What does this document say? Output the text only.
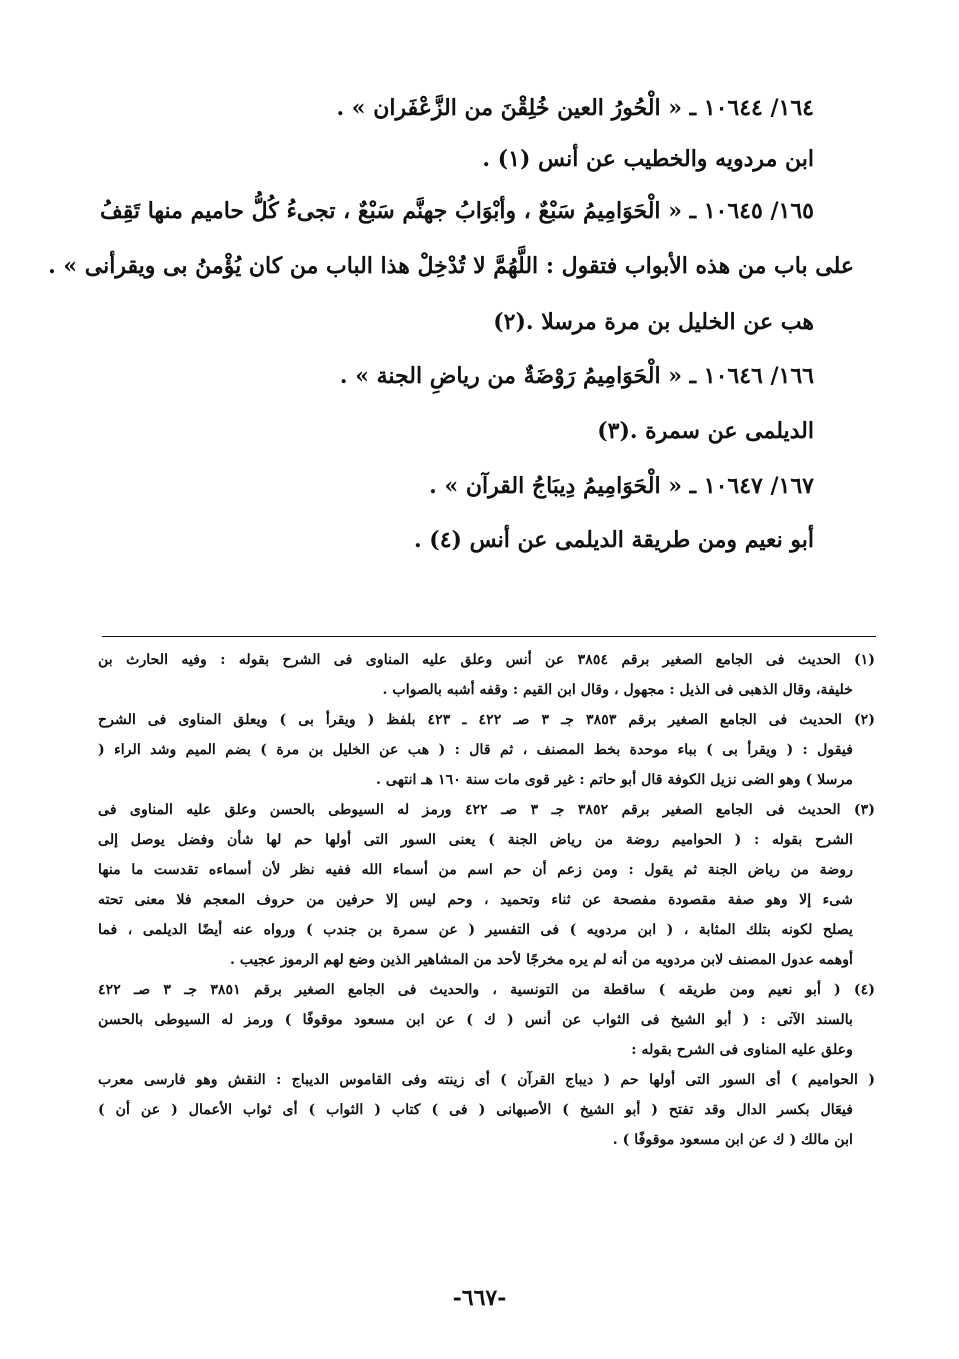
١٦٤/ ١٠٦٤٤ ـ « الْحُورُ العين خُلِقْنَ من الزَّعْفَران » .
ابن مردويه والخطيب عن أنس (١) .
١٦٥/ ١٠٦٤٥ ـ « الْحَوَامِيمُ سَبْعٌ ، وأبْوَابُ جهنَّم سَبْعٌ ، تجىءُ كُلُّ حاميم منها تَقِفُ
على باب من هذه الأبواب فتقول : اللَّهُمَّ لا تُدْخِلْ هذا الباب من كان يُؤْمنُ بى ويقرأنى » .
هب عن الخليل بن مرة مرسلا .(٢)
١٦٦/ ١٠٦٤٦ ـ « الْحَوَامِيمُ رَوْضَةٌ من رياضِ الجنة » .
الديلمى عن سمرة .(٣)
١٦٧/ ١٠٦٤٧ ـ « الْحَوَامِيمُ دِيبَاجُ القرآن » .
أبو نعيم ومن طريقة الديلمى عن أنس (٤) .
(١) الحديث فى الجامع الصغير برقم ٣٨٥٤ عن أنس وعلق عليه المناوى فى الشرح بقوله : وفيه الحارث بن
خليفة، وقال الذهبى فى الذيل : مجهول ، وقال ابن القيم : وقفه أشبه بالصواب .
(٢) الحديث فى الجامع الصغير برقم ٣٨٥٣ جـ ٣ صـ ٤٢٢ ـ ٤٢٣ بلفظ ( ويقرأ بى ) ويعلق المناوى فى الشرح
فيقول : ( ويقرأ بى ) بباء موحدة بخط المصنف ، ثم قال : ( هب عن الخليل بن مرة ) بضم الميم وشد الراء (
مرسلا ) وهو الضى نزيل الكوفة قال أبو حاتم : غير قوى مات سنة ١٦٠ هـ انتهى .
(٣) الحديث فى الجامع الصغير برقم ٣٨٥٢ جـ ٣ صـ ٤٢٢ ورمز له السيوطى بالحسن وعلق عليه المناوى فى
الشرح بقوله : ( الحواميم روضة من رياض الجنة ) يعنى السور التى أولها حم لها شأن وفضل يوصل إلى
روضة من رياض الجنة ثم يقول : ومن زعم أن حم اسم من أسماء الله ففيه نظر لأن أسماءه تقدست ما منها
شىء إلا وهو صفة مقصودة مفصحة عن ثناء وتحميد ، وحم ليس إلا حرفين من حروف المعجم فلا معنى تحته
يصلح لكونه بتلك المثابة ، ( ابن مردويه ) فى التفسير ( عن سمرة بن جندب ) ورواه عنه أيضًا الديلمى ، فما
أوهمه عدول المصنف لابن مردويه من أنه لم يره مخرجًا لأحد من المشاهير الذين وضع لهم الرموز عجيب .
(٤) ( أبو نعيم ومن طريقه ) ساقطة من التونسية ، والحديث فى الجامع الصغير برقم ٣٨٥١ جـ ٣ صـ ٤٢٢
بالسند الآتى : ( أبو الشيخ فى الثواب عن أنس ( ك ) عن ابن مسعود موقوفًا ) ورمز له السيوطى بالحسن
وعلق عليه المناوى فى الشرح بقوله :
( الحواميم ) أى السور التى أولها حم ( ديباج القرآن ) أى زينته وفى القاموس الديباج : النقش وهو فارسى معرب
فيعَال بكسر الدال وقد تفتح ( أبو الشيخ ) الأصبهانى ( فى ) كتاب ( الثواب ) أى ثواب الأعمال ( عن أن )
ابن مالك ( ك عن ابن مسعود موقوفًا ) .
-٦٦٧-
